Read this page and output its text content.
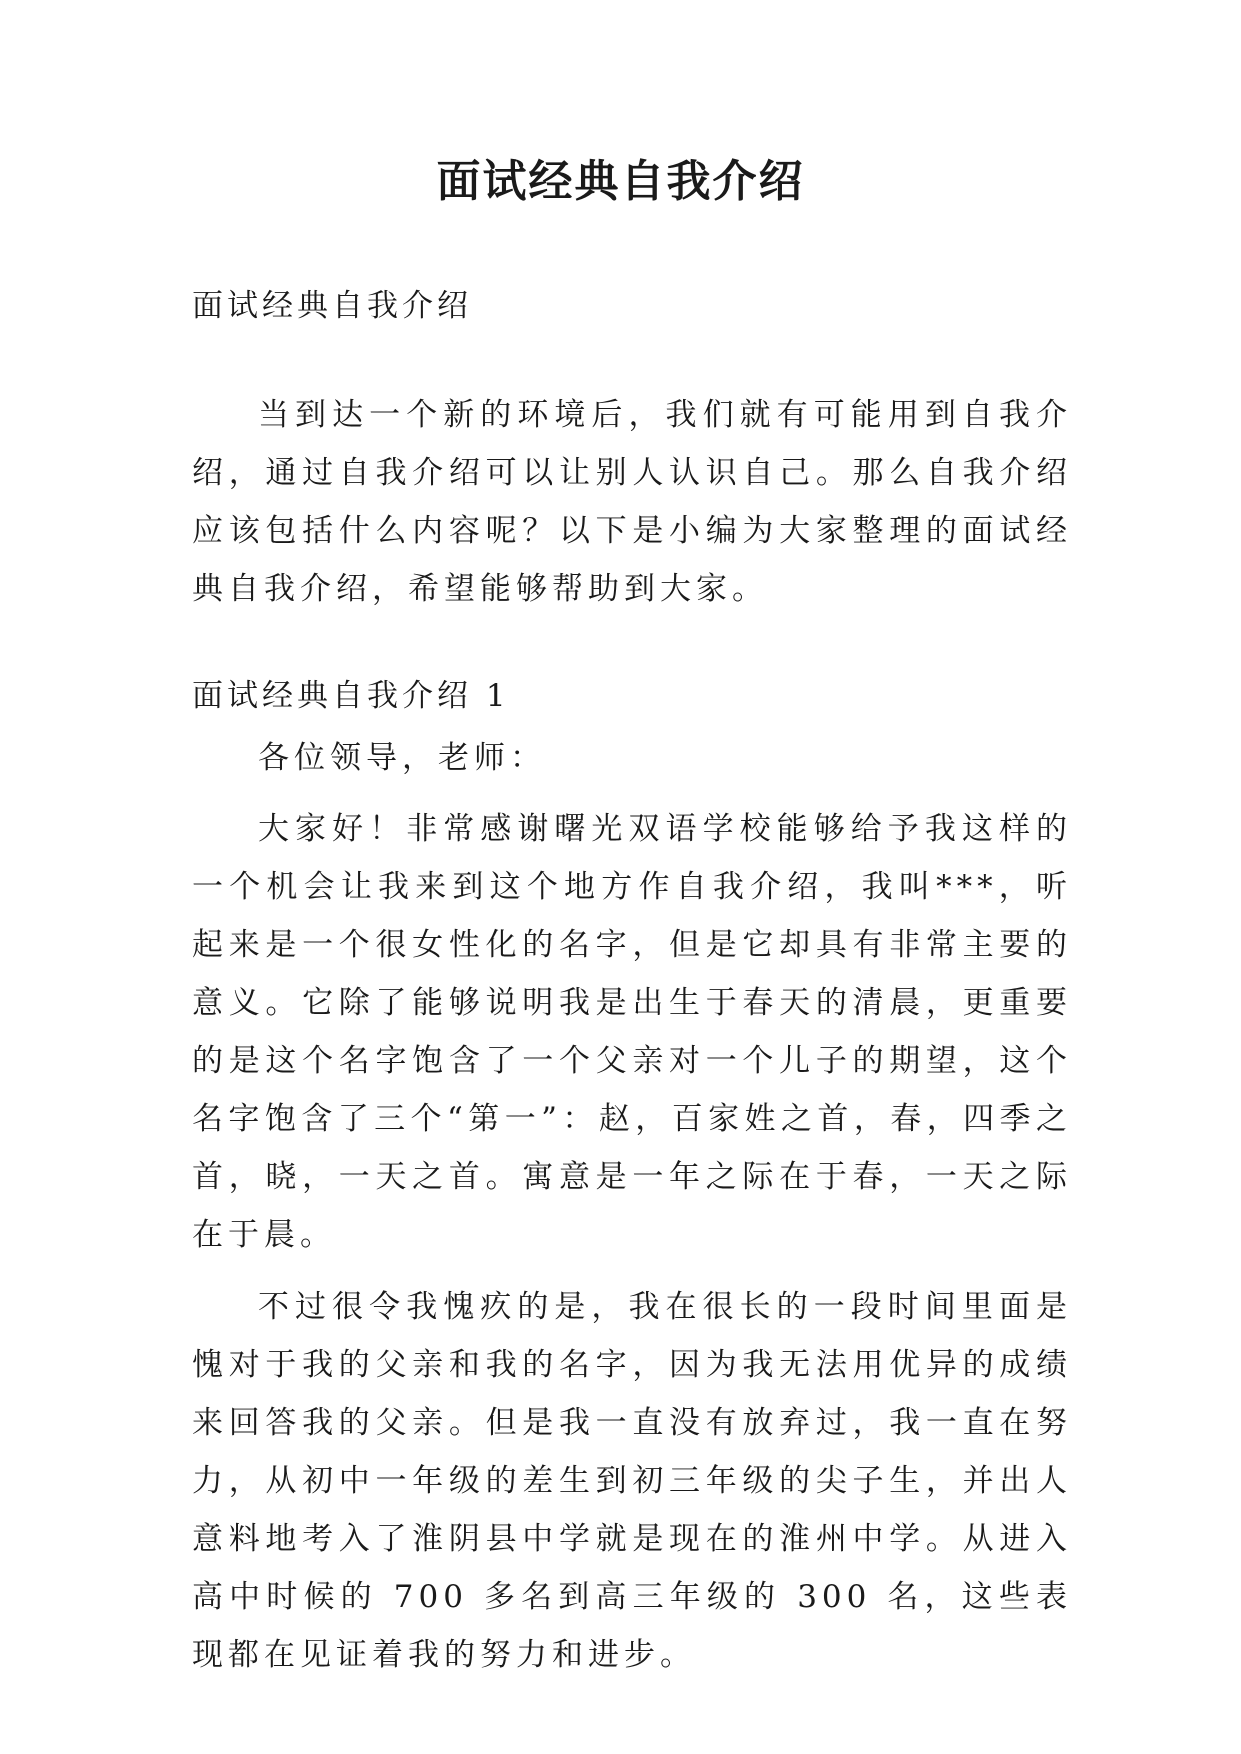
面试经典自我介绍

面试经典自我介绍

当到达一个新的环境后，我们就有可能用到自我介绍，通过自我介绍可以让别人认识自己。那么自我介绍应该包括什么内容呢？以下是小编为大家整理的面试经典自我介绍，希望能够帮助到大家。

面试经典自我介绍 1

各位领导，老师：

大家好！非常感谢曙光双语学校能够给予我这样的一个机会让我来到这个地方作自我介绍，我叫***，听起来是一个很女性化的名字，但是它却具有非常主要的意义。它除了能够说明我是出生于春天的清晨，更重要的是这个名字饱含了一个父亲对一个儿子的期望，这个名字饱含了三个“第一”：赵，百家姓之首，春，四季之首，晓，一天之首。寓意是一年之际在于春，一天之际在于晨。

不过很令我愧疚的是，我在很长的一段时间里面是愧对于我的父亲和我的名字，因为我无法用优异的成绩来回答我的父亲。但是我一直没有放弃过，我一直在努力，从初中一年级的差生到初三年级的尖子生，并出人意料地考入了淮阴县中学就是现在的淮州中学。从进入高中时候的 700 多名到高三年级的 300 名，这些表现都在见证着我的努力和进步。
